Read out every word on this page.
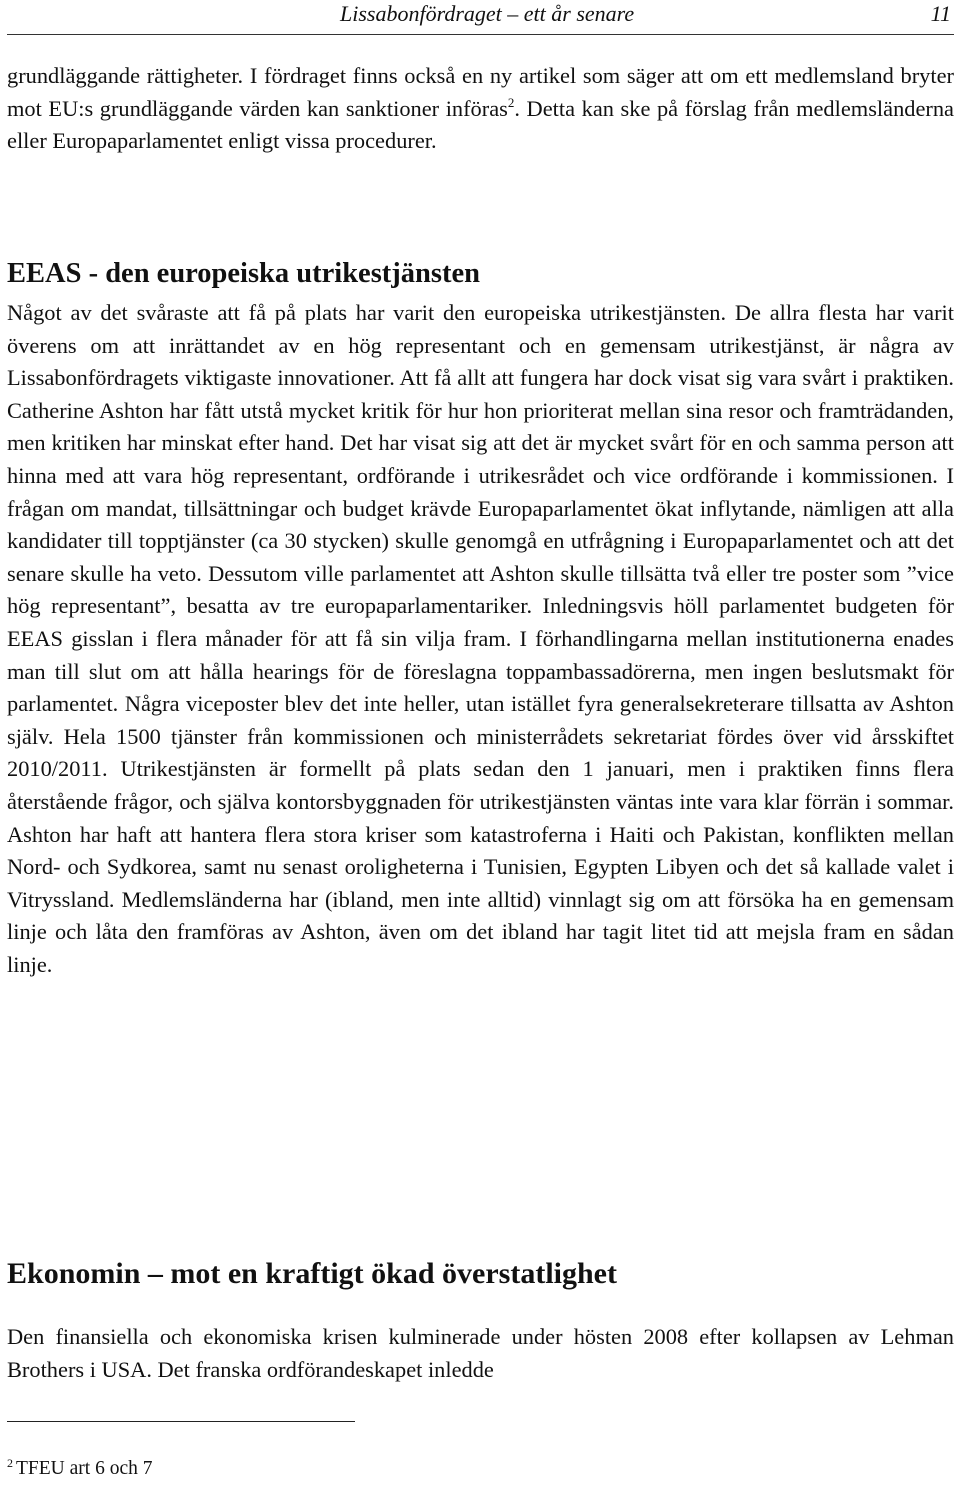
Lissabonfördraget – ett år senare	11

grundläggande rättigheter. I fördraget finns också en ny artikel som säger att om ett medlemsland bryter mot EU:s grundläggande värden kan sanktioner införas$^2$. Detta kan ske på förslag från medlemsländerna eller Europaparlamentet enligt vissa procedurer.

EEAS - den europeiska utrikestjänsten

Något av det svåraste att få på plats har varit den europeiska utrikestjänsten. De allra flesta har varit överens om att inrättandet av en hög representant och en gemensam utrikestjänst, är några av Lissabonfördragets viktigaste innovationer. Att få allt att fungera har dock visat sig vara svårt i praktiken. Catherine Ashton har fått utstå mycket kritik för hur hon prioriterat mellan sina resor och framträdanden, men kritiken har minskat efter hand. Det har visat sig att det är mycket svårt för en och samma person att hinna med att vara hög representant, ordförande i utrikesrådet och vice ordförande i kommissionen. I frågan om mandat, tillsättningar och budget krävde Europaparlamentet ökat inflytande, nämligen att alla kandidater till topptjänster (ca 30 stycken) skulle genomgå en utfrågning i Europaparlamentet och att det senare skulle ha veto. Dessutom ville parlamentet att Ashton skulle tillsätta två eller tre poster som ”vice hög representant”, besatta av tre europaparlamentariker. Inledningsvis höll parlamentet budgeten för EEAS gisslan i flera månader för att få sin vilja fram. I förhandlingarna mellan institutionerna enades man till slut om att hålla hearings för de föreslagna toppambassadörerna, men ingen beslutsmakt för parlamentet. Några viceposter blev det inte heller, utan istället fyra generalsekreterare tillsatta av Ashton själv. Hela 1500 tjänster från kommissionen och ministerrådets sekretariat fördes över vid årsskiftet 2010/2011. Utrikestjänsten är formellt på plats sedan den 1 januari, men i praktiken finns flera återstående frågor, och själva kontorsbyggnaden för utrikestjänsten väntas inte vara klar förrän i sommar. Ashton har haft att hantera flera stora kriser som katastroferna i Haiti och Pakistan, konflikten mellan Nord- och Sydkorea, samt nu senast oroligheterna i Tunisien, Egypten Libyen och det så kallade valet i Vitryssland. Medlemsländerna har (ibland, men inte alltid) vinnlagt sig om att försöka ha en gemensam linje och låta den framföras av Ashton, även om det ibland har tagit litet tid att mejsla fram en sådan linje.

Ekonomin – mot en kraftigt ökad överstatlighet

Den finansiella och ekonomiska krisen kulminerade under hösten 2008 efter kollapsen av Lehman Brothers i USA. Det franska ordförandeskapet inledde

$^2$ TFEU art 6 och 7
